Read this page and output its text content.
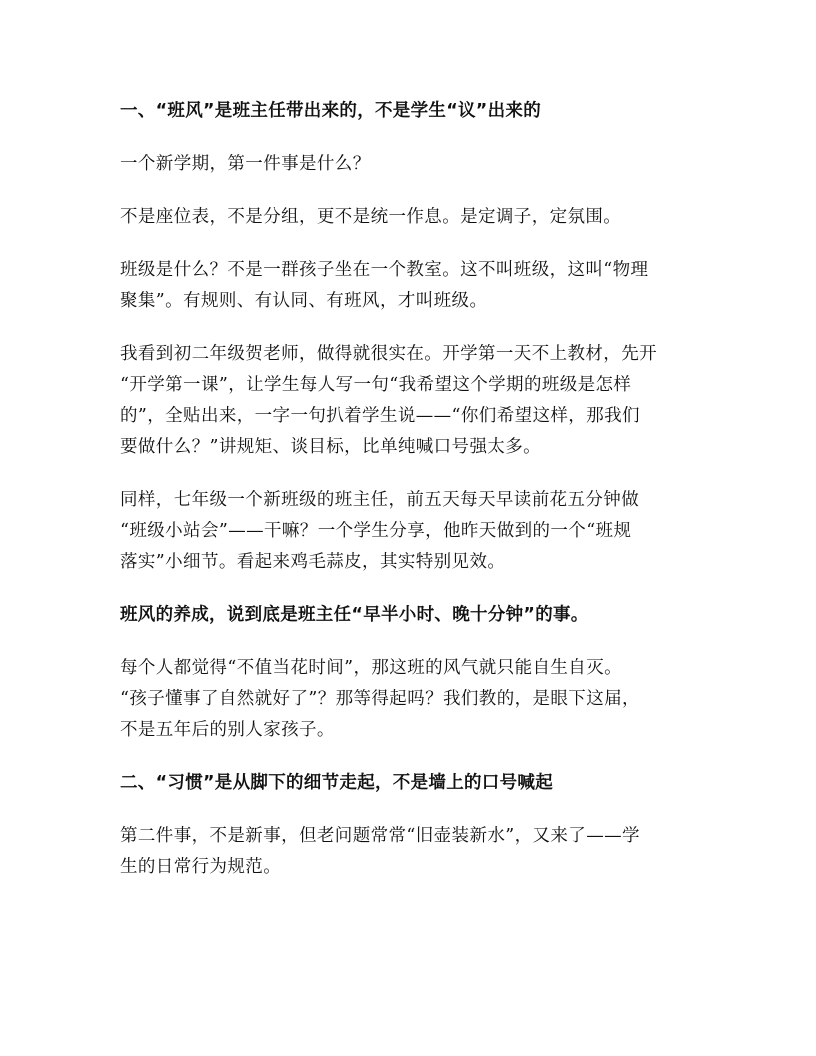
一、“班风”是班主任带出来的，不是学生“议”出来的
一个新学期，第一件事是什么？
不是座位表，不是分组，更不是统一作息。是定调子，定氛围。
班级是什么？不是一群孩子坐在一个教室。这不叫班级，这叫“物理
聚集”。有规则、有认同、有班风，才叫班级。
我看到初二年级贺老师，做得就很实在。开学第一天不上教材，先开
“开学第一课”，让学生每人写一句“我希望这个学期的班级是怎样
的”，全贴出来，一字一句扒着学生说——“你们希望这样，那我们
要做什么？”讲规矩、谈目标，比单纯喊口号强太多。
同样，七年级一个新班级的班主任，前五天每天早读前花五分钟做
“班级小站会”——干嘛？一个学生分享，他昨天做到的一个“班规
落实”小细节。看起来鸡毛蒜皮，其实特别见效。
班风的养成，说到底是班主任“早半小时、晚十分钟”的事。
每个人都觉得“不值当花时间”，那这班的风气就只能自生自灭。
“孩子懂事了自然就好了”？那等得起吗？我们教的，是眼下这届，
不是五年后的别人家孩子。
二、“习惯”是从脚下的细节走起，不是墙上的口号喊起
第二件事，不是新事，但老问题常常“旧壶装新水”，又来了——学
生的日常行为规范。
